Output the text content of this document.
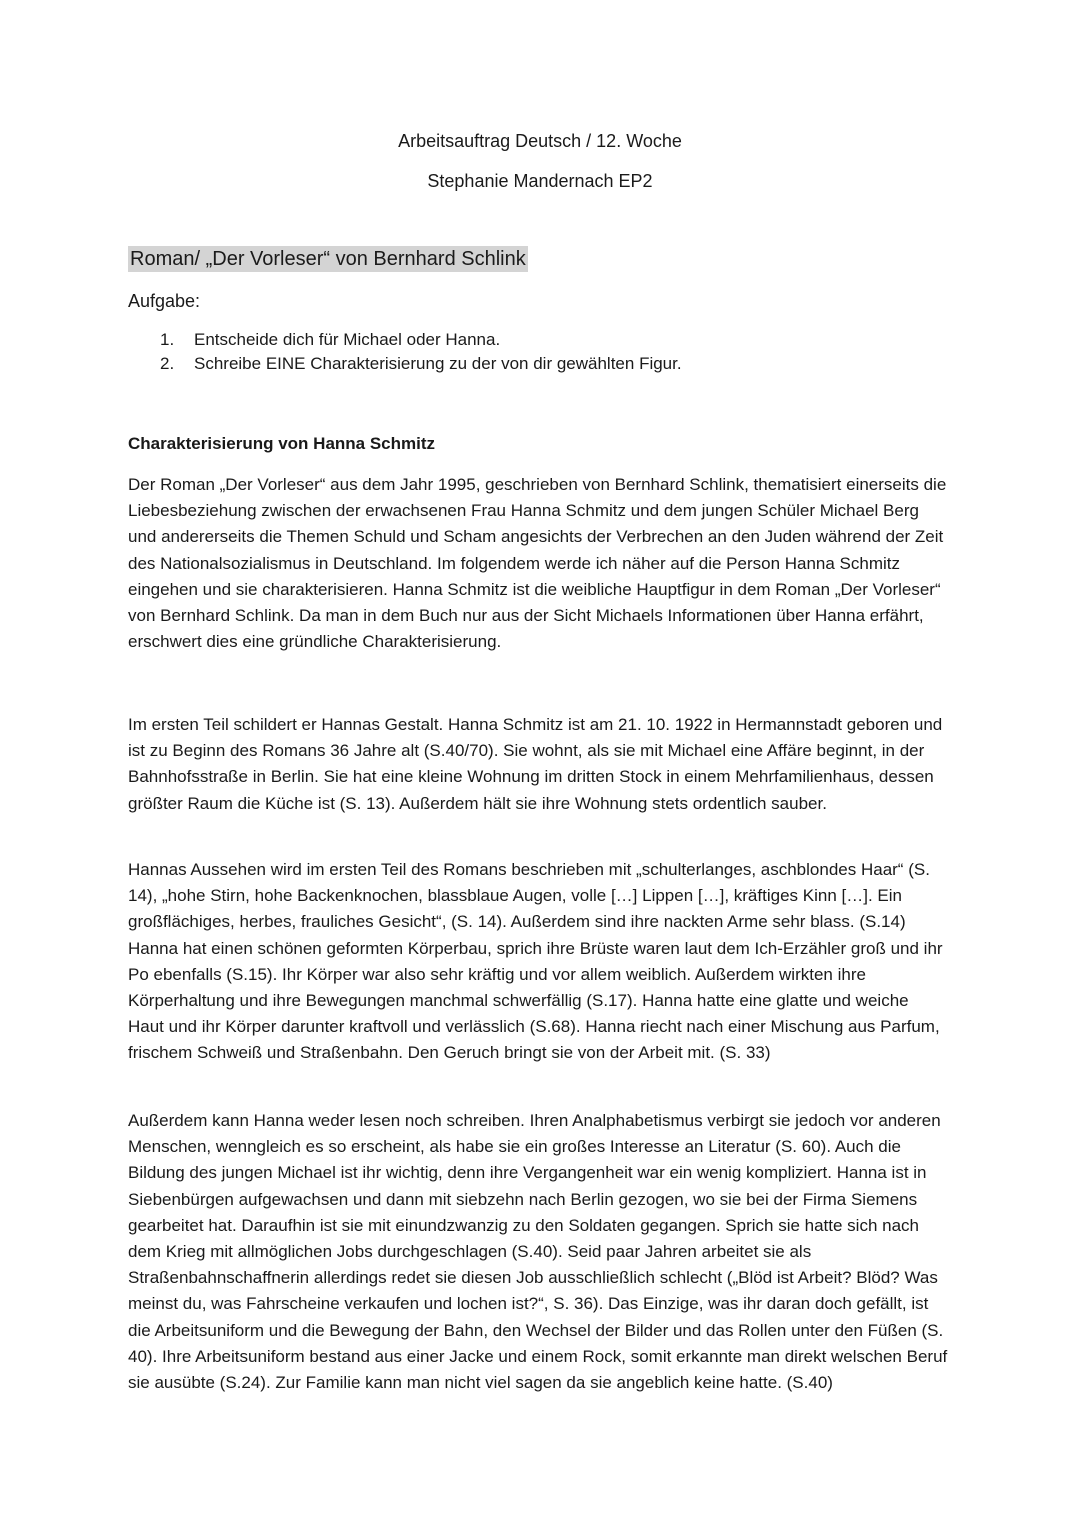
Arbeitsauftrag Deutsch / 12. Woche

Stephanie Mandernach EP2

Roman/ „Der Vorleser“ von Bernhard Schlink

Aufgabe:

1.	Entscheide dich für Michael oder Hanna.
2.	Schreibe EINE Charakterisierung zu der von dir gewählten Figur.

Charakterisierung von Hanna Schmitz

Der Roman „Der Vorleser“ aus dem Jahr 1995, geschrieben von Bernhard Schlink, thematisiert einerseits die Liebesbeziehung zwischen der erwachsenen Frau Hanna Schmitz und dem jungen Schüler Michael Berg und andererseits die Themen Schuld und Scham angesichts der Verbrechen an den Juden während der Zeit des Nationalsozialismus in Deutschland. Im folgendem werde ich näher auf die Person Hanna Schmitz eingehen und sie charakterisieren. Hanna Schmitz ist die weibliche Hauptfigur in dem Roman „Der Vorleser“ von Bernhard Schlink. Da man in dem Buch nur aus der Sicht Michaels Informationen über Hanna erfährt, erschwert dies eine gründliche Charakterisierung.

Im ersten Teil schildert er Hannas Gestalt. Hanna Schmitz ist am 21. 10. 1922 in Hermannstadt geboren und ist zu Beginn des Romans 36 Jahre alt (S.40/70). Sie wohnt, als sie mit Michael eine Affäre beginnt, in der Bahnhofsstraße in Berlin. Sie hat eine kleine Wohnung im dritten Stock in einem Mehrfamilienhaus, dessen größter Raum die Küche ist (S. 13). Außerdem hält sie ihre Wohnung stets ordentlich sauber.

Hannas Aussehen wird im ersten Teil des Romans beschrieben mit „schulterlanges, aschblondes Haar“ (S. 14), „hohe Stirn, hohe Backenknochen, blassblaue Augen, volle […] Lippen […], kräftiges Kinn […]. Ein großflächiges, herbes, frauliches Gesicht“, (S. 14). Außerdem sind ihre nackten Arme sehr blass. (S.14) Hanna hat einen schönen geformten Körperbau, sprich ihre Brüste waren laut dem Ich-Erzähler groß und ihr Po ebenfalls (S.15). Ihr Körper war also sehr kräftig und vor allem weiblich. Außerdem wirkten ihre Körperhaltung und ihre Bewegungen manchmal schwerfällig (S.17). Hanna hatte eine glatte und weiche Haut und ihr Körper darunter kraftvoll und verlässlich (S.68). Hanna riecht nach einer Mischung aus Parfum, frischem Schweiß und Straßenbahn. Den Geruch bringt sie von der Arbeit mit. (S. 33)

Außerdem kann Hanna weder lesen noch schreiben. Ihren Analphabetismus verbirgt sie jedoch vor anderen Menschen, wenngleich es so erscheint, als habe sie ein großes Interesse an Literatur (S. 60). Auch die Bildung des jungen Michael ist ihr wichtig, denn ihre Vergangenheit war ein wenig kompliziert. Hanna ist in Siebenbürgen aufgewachsen und dann mit siebzehn nach Berlin gezogen, wo sie bei der Firma Siemens gearbeitet hat. Daraufhin ist sie mit einundzwanzig zu den Soldaten gegangen. Sprich sie hatte sich nach dem Krieg mit allmöglichen Jobs durchgeschlagen (S.40). Seid paar Jahren arbeitet sie als Straßenbahnschaffnerin allerdings redet sie diesen Job ausschließlich schlecht („Blöd ist Arbeit? Blöd? Was meinst du, was Fahrscheine verkaufen und lochen ist?“, S. 36). Das Einzige, was ihr daran doch gefällt, ist die Arbeitsuniform und die Bewegung der Bahn, den Wechsel der Bilder und das Rollen unter den Füßen (S. 40). Ihre Arbeitsuniform bestand aus einer Jacke und einem Rock, somit erkannte man direkt welschen Beruf sie ausübte (S.24). Zur Familie kann man nicht viel sagen da sie angeblich keine hatte. (S.40)
